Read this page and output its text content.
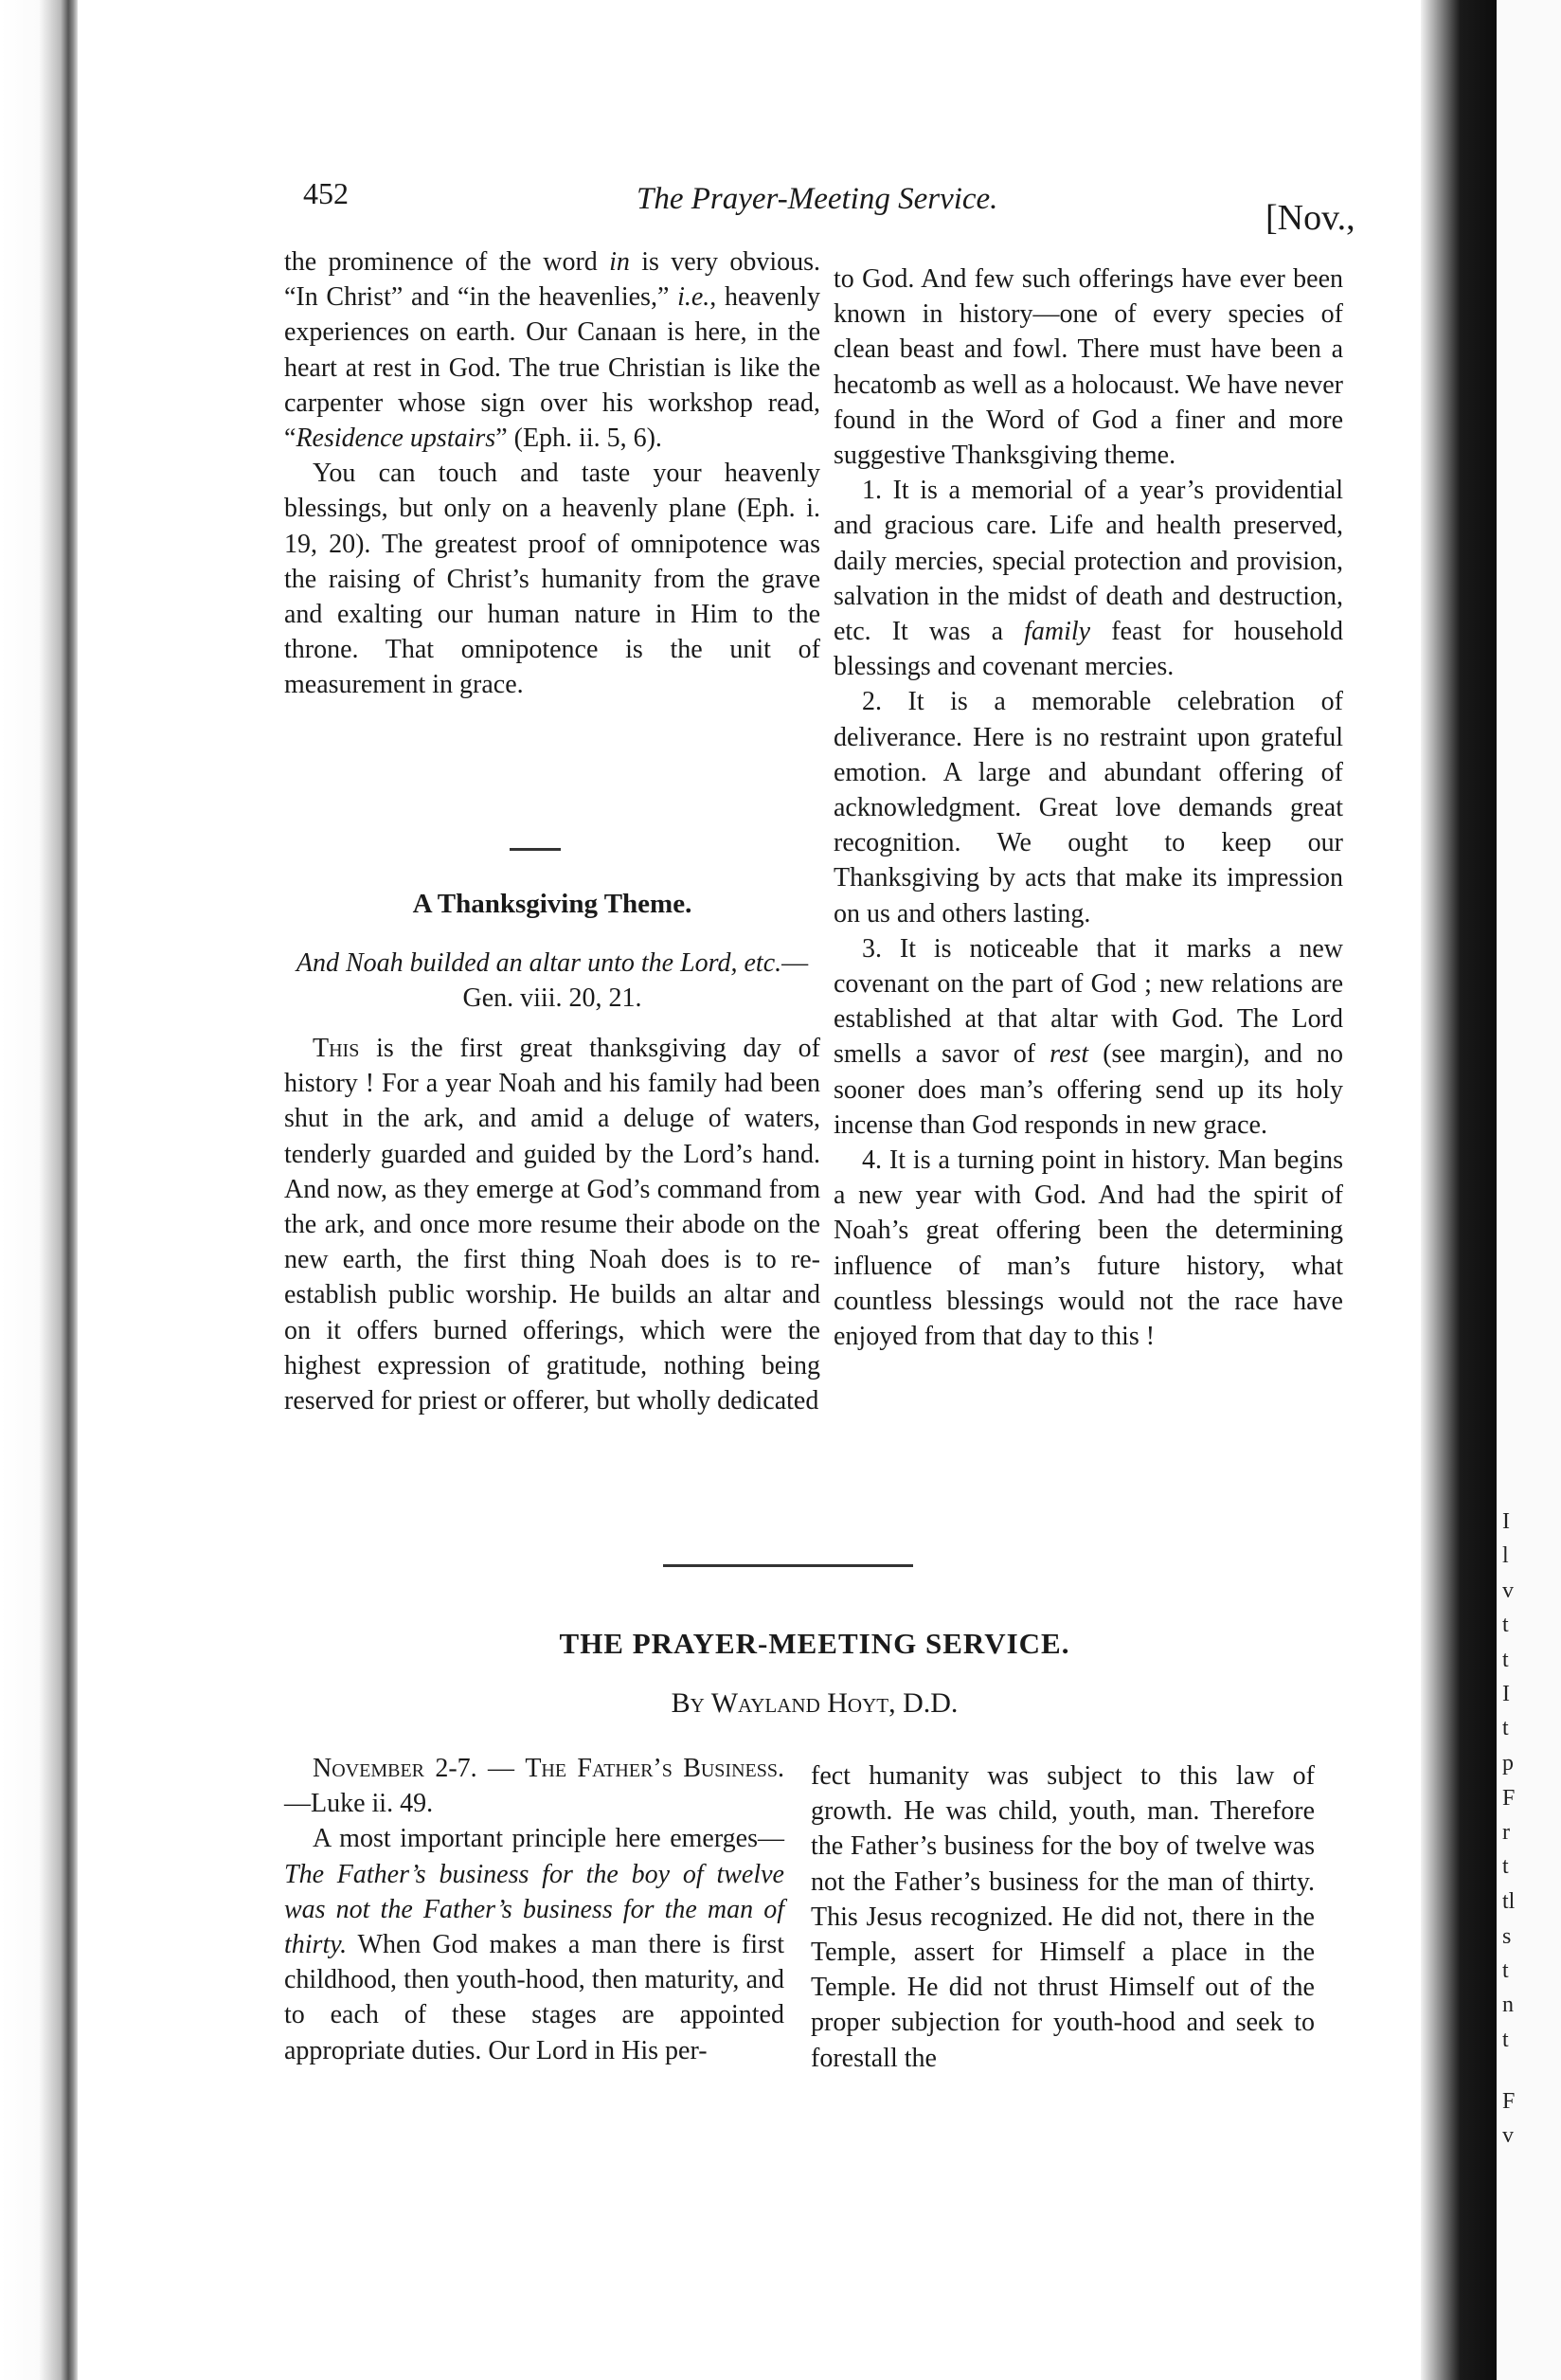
I
l
v
t
t
I
t
p
F
r
t
tl
s
t
n
t
F
v
452	The Prayer-Meeting Service.	[Nov.,

the prominence of the word in is very obvious. “In Christ” and “in the heavenlies,” i.e., heavenly experiences on earth. Our Canaan is here, in the heart at rest in God. The true Christian is like the carpenter whose sign over his workshop read, “Residence upstairs” (Eph. ii. 5, 6).

You can touch and taste your heavenly blessings, but only on a heavenly plane (Eph. i. 19, 20). The greatest proof of omnipotence was the raising of Christ’s humanity from the grave and exalting our human nature in Him to the throne. That omnipotence is the unit of measurement in grace.

A Thanksgiving Theme.
And Noah builded an altar unto the Lord, etc.—Gen. viii. 20, 21.

This is the first great thanksgiving day of history ! For a year Noah and his family had been shut in the ark, and amid a deluge of waters, tenderly guarded and guided by the Lord’s hand. And now, as they emerge at God’s command from the ark, and once more resume their abode on the new earth, the first thing Noah does is to re-establish public worship. He builds an altar and on it offers burned offerings, which were the highest expression of gratitude, nothing being reserved for priest or offerer, but wholly dedicated

to God. And few such offerings have ever been known in history—one of every species of clean beast and fowl. There must have been a hecatomb as well as a holocaust. We have never found in the Word of God a finer and more suggestive Thanksgiving theme.

1. It is a memorial of a year’s providential and gracious care. Life and health preserved, daily mercies, special protection and provision, salvation in the midst of death and destruction, etc. It was a family feast for household blessings and covenant mercies.

2. It is a memorable celebration of deliverance. Here is no restraint upon grateful emotion. A large and abundant offering of acknowledgment. Great love demands great recognition. We ought to keep our Thanksgiving by acts that make its impression on us and others lasting.

3. It is noticeable that it marks a new covenant on the part of God ; new relations are established at that altar with God. The Lord smells a savor of rest (see margin), and no sooner does man’s offering send up its holy incense than God responds in new grace.

4. It is a turning point in history. Man begins a new year with God. And had the spirit of Noah’s great offering been the determining influence of man’s future history, what countless blessings would not the race have enjoyed from that day to this !

THE PRAYER-MEETING SERVICE.
By Wayland Hoyt, D.D.

November 2-7. — The Father’s Business.—Luke ii. 49.

A most important principle here emerges—The Father’s business for the boy of twelve was not the Father’s business for the man of thirty. When God makes a man there is first childhood, then youth-hood, then maturity, and to each of these stages are appointed appropriate duties. Our Lord in His per-

fect humanity was subject to this law of growth. He was child, youth, man. Therefore the Father’s business for the boy of twelve was not the Father’s business for the man of thirty. This Jesus recognized. He did not, there in the Temple, assert for Himself a place in the Temple. He did not thrust Himself out of the proper subjection for youth-hood and seek to forestall the
